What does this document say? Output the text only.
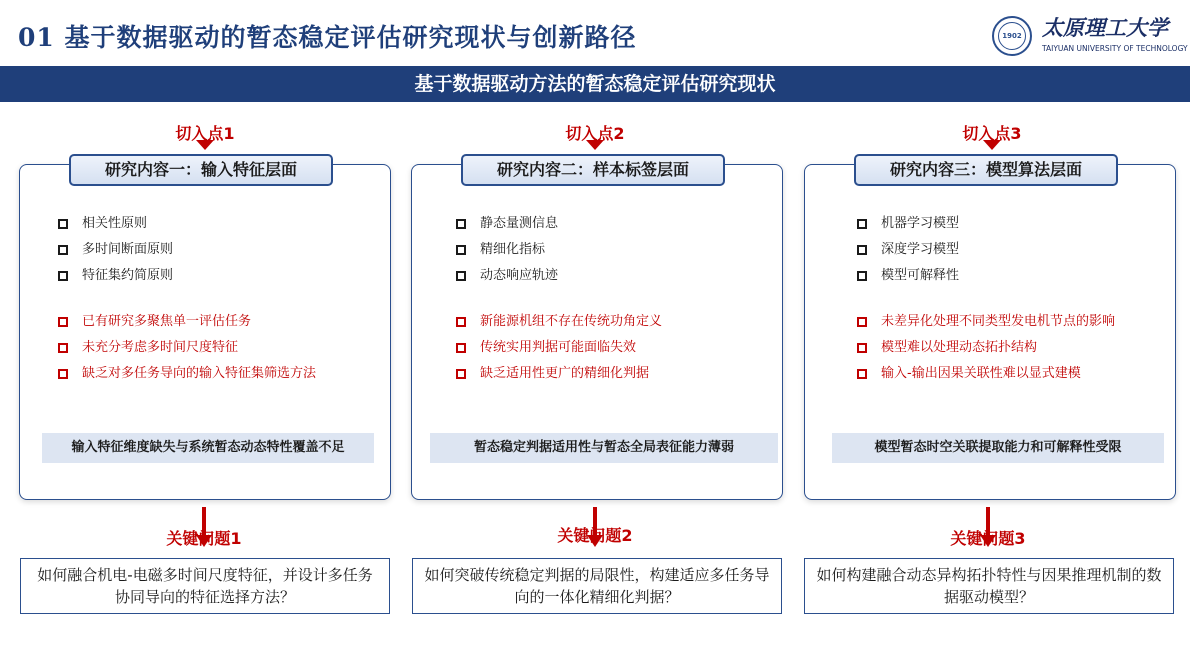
01 基于数据驱动的暂态稳定评估研究现状与创新路径	1902 太原理工大学
TAIYUAN UNIVERSITY OF TECHNOLOGY
基于数据驱动方法的暂态稳定评估研究现状
切入点1
相关性原则
多时间断面原则
特征集约简原则
已有研究多聚焦单一评估任务
未充分考虑多时间尺度特征
缺乏对多任务导向的输入特征集筛选方法
研究内容一：输入特征层面
输入特征维度缺失与系统暂态动态特性覆盖不足
切入点2
静态量测信息
精细化指标
动态响应轨迹
新能源机组不存在传统功角定义
传统实用判据可能面临失效
缺乏适用性更广的精细化判据
研究内容二：样本标签层面
暂态稳定判据适用性与暂态全局表征能力薄弱
切入点3
机器学习模型
深度学习模型
模型可解释性
未差异化处理不同类型发电机节点的影响
模型难以处理动态拓扑结构
输入-输出因果关联性难以显式建模
研究内容三：模型算法层面
模型暂态时空关联提取能力和可解释性受限
关键问题1
如何融合机电-电磁多时间尺度特征，并设计多任务协同导向的特征选择方法？
关键问题2
如何突破传统稳定判据的局限性，构建适应多任务导向的一体化精细化判据？
关键问题3
如何构建融合动态异构拓扑特性与因果推理机制的数据驱动模型？
